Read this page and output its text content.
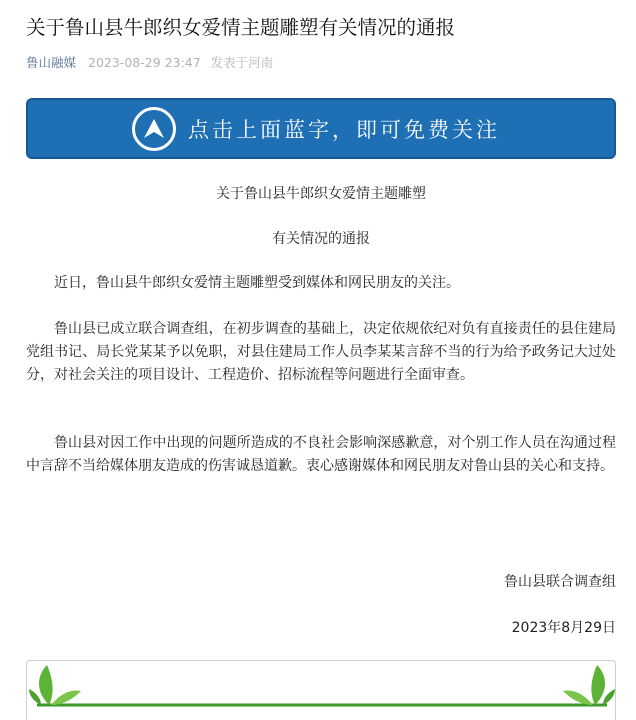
关于鲁山县牛郎织女爱情主题雕塑有关情况的通报
鲁山融媒 2023-08-29 23:47 发表于河南
点击上面蓝字，即可免费关注
关于鲁山县牛郎织女爱情主题雕塑
有关情况的通报
近日，鲁山县牛郎织女爱情主题雕塑受到媒体和网民朋友的关注。
鲁山县已成立联合调查组，在初步调查的基础上，决定依规依纪对负有直接责任的县住建局党组书记、局长党某某予以免职，对县住建局工作人员李某某言辞不当的行为给予政务记大过处分，对社会关注的项目设计、工程造价、招标流程等问题进行全面审查。
鲁山县对因工作中出现的问题所造成的不良社会影响深感歉意，对个别工作人员在沟通过程中言辞不当给媒体朋友造成的伤害诚恳道歉。衷心感谢媒体和网民朋友对鲁山县的关心和支持。
鲁山县联合调查组
2023年8月29日
